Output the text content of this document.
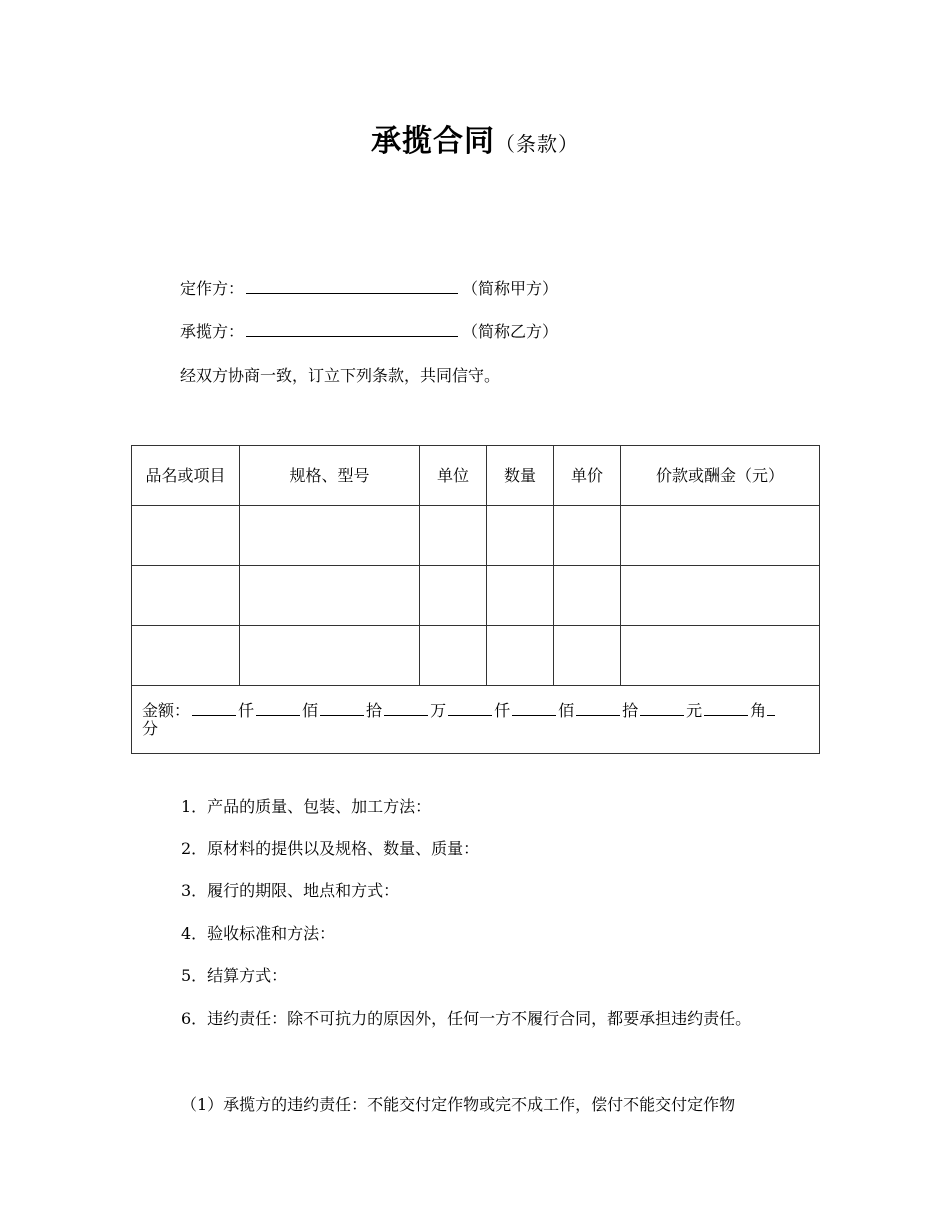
承揽合同（条款）
定作方：	（简称甲方）
承揽方：	（简称乙方）
经双方协商一致，订立下列条款，共同信守。
品名或项目	规格、型号	单位	数量	单价	价款或酬金（元）

金额： 仟 佰 拾 万 仟 佰 拾 元 角
分					
1．产品的质量、包装、加工方法：
2．原材料的提供以及规格、数量、质量：
3．履行的期限、地点和方式：
4．验收标准和方法：
5．结算方式：
6．违约责任：除不可抗力的原因外，任何一方不履行合同，都要承担违约责任。
（1）承揽方的违约责任：不能交付定作物或完不成工作，偿付不能交付定作物
